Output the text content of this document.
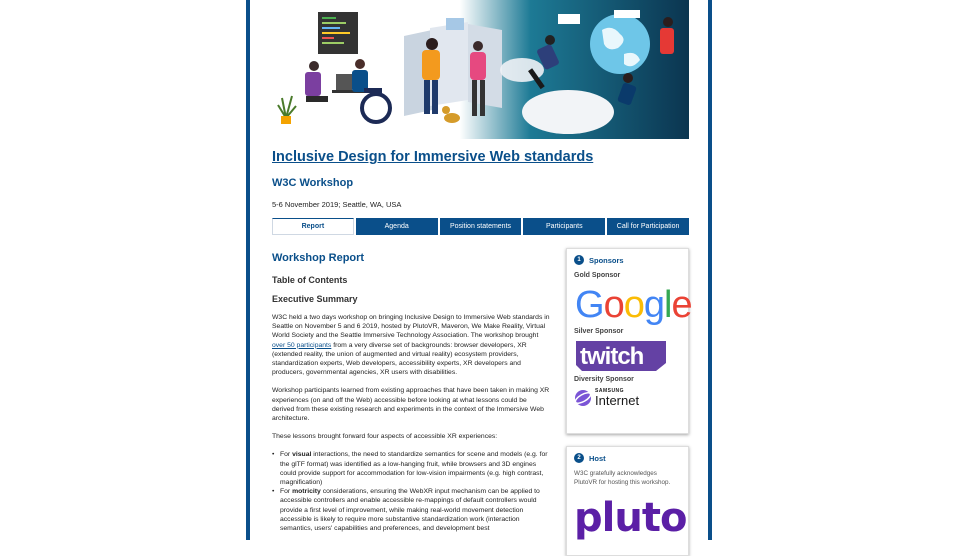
Inclusive Design for Immersive Web standards
W3C Workshop
5-6 November 2019; Seattle, WA, USA
Report	Agenda	Position statements	Participants	Call for Participation
Workshop Report
Table of Contents
Executive Summary

W3C held a two days workshop on bringing Inclusive Design to Immersive Web standards in Seattle on November 5 and 6 2019, hosted by PlutoVR, Maveron, We Make Reality, Virtual World Society and the Seattle Immersive Technology Association. The workshop brought over 50 participants from a very diverse set of backgrounds: browser developers, XR (extended reality, the union of augmented and virtual reality) ecosystem providers, standardization experts, Web developers, accessibility experts, XR developers and producers, governmental agencies, XR users with disabilities.

Workshop participants learned from existing approaches that have been taken in making XR experiences (on and off the Web) accessible before looking at what lessons could be derived from these existing research and experiments in the context of the Immersive Web architecture.

These lessons brought forward four aspects of accessible XR experiences:

• For visual interactions, the need to standardize semantics for scene and models (e.g. for the glTF format) was identified as a low-hanging fruit, while browsers and 3D engines could provide support for accommodation for low-vision impairments (e.g. high contrast, magnification)
• For motricity considerations, ensuring the WebXR input mechanism can be applied to accessible controllers and enable accessible re-mappings of default controllers would provide a first level of improvement, while making real-world movement detection accessible is likely to require more substantive standardization work (interaction semantics, users' capabilities and preferences, and development best
1	Sponsors
Gold Sponsor
Google
Silver Sponsor
twitch
Diversity Sponsor
SAMSUNG
Internet
2	Host
W3C gratefully acknowledges PlutoVR for hosting this workshop.
pluto
